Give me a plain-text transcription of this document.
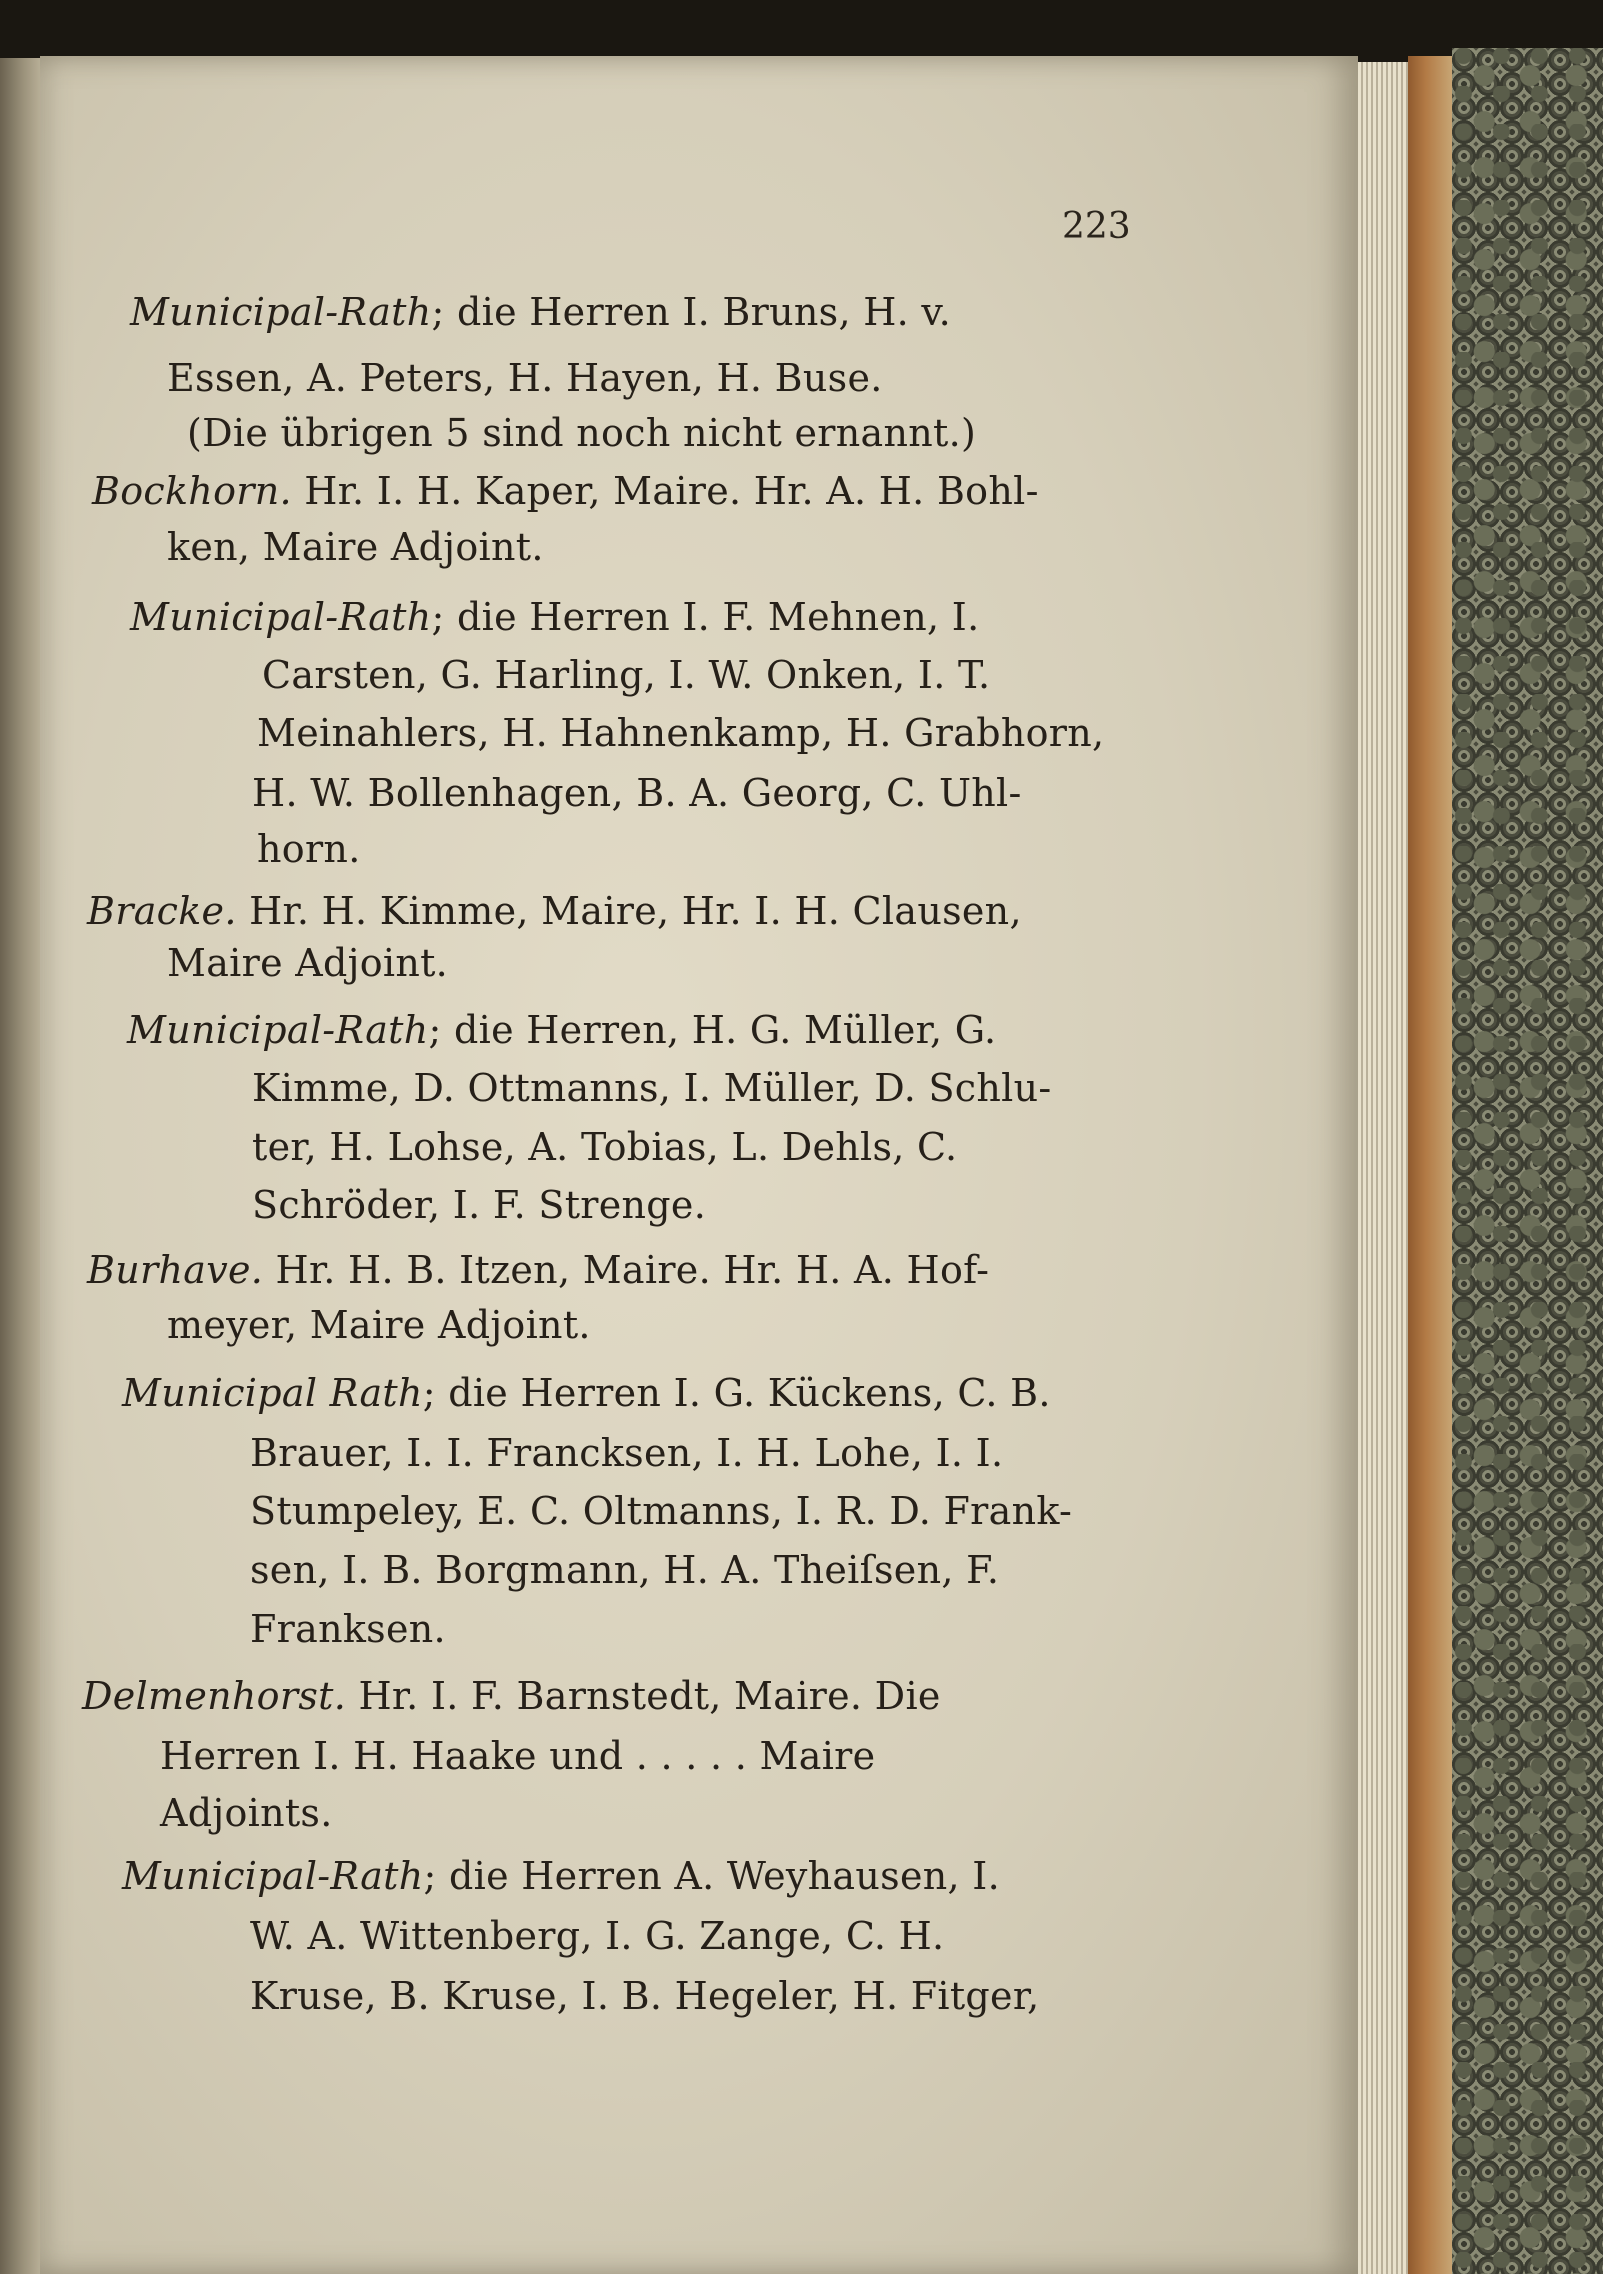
223

Municipal-Rath; die Herren I. Bruns, H. v.

Essen, A. Peters, H. Hayen, H. Buse.

(Die übrigen 5 sind noch nicht ernannt.)

Bockhorn. Hr. I. H. Kaper, Maire. Hr. A. H. Bohl-

ken, Maire Adjoint.

Municipal-Rath; die Herren I. F. Mehnen, I.

Carsten, G. Harling, I. W. Onken, I. T.

Meinahlers, H. Hahnenkamp, H. Grabhorn,

H. W. Bollenhagen, B. A. Georg, C. Uhl-

horn.

Bracke. Hr. H. Kimme, Maire, Hr. I. H. Clausen,

Maire Adjoint.

Municipal-Rath; die Herren, H. G. Müller, G.

Kimme, D. Ottmanns, I. Müller, D. Schlu-

ter, H. Lohse, A. Tobias, L. Dehls, C.

Schröder, I. F. Strenge.

Burhave. Hr. H. B. Itzen, Maire. Hr. H. A. Hof-

meyer, Maire Adjoint.

Municipal Rath; die Herren I. G. Kückens, C. B.

Brauer, I. I. Francksen, I. H. Lohe, I. I.

Stumpeley, E. C. Oltmanns, I. R. D. Frank-

sen, I. B. Borgmann, H. A. Theiſsen, F.

Franksen.

Delmenhorst. Hr. I. F. Barnstedt, Maire. Die

Herren I. H. Haake und . . . . . Maire

Adjoints.

Municipal-Rath; die Herren A. Weyhausen, I.

W. A. Wittenberg, I. G. Zange, C. H.

Kruse, B. Kruse, I. B. Hegeler, H. Fitger,
